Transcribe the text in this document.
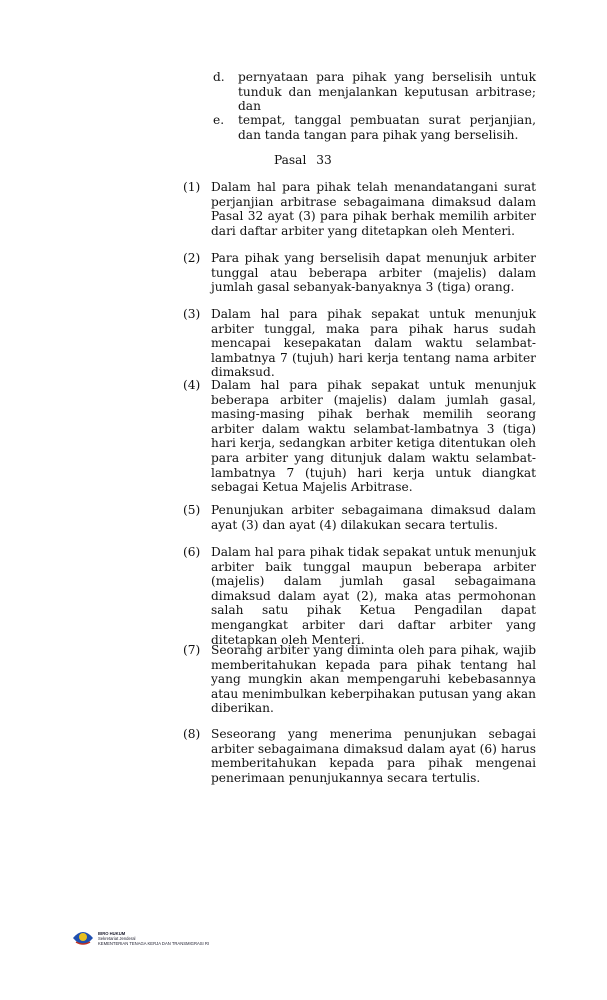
d. pernyataan para pihak yang berselisih untuk tunduk dan menjalankan keputusan arbitrase; dan
e. tempat, tanggal pembuatan surat perjanjian, dan tanda tangan para pihak yang berselisih.
Pasal 33
(1) Dalam hal para pihak telah menandatangani surat perjanjian arbitrase sebagaimana dimaksud dalam Pasal 32 ayat (3) para pihak berhak memilih arbiter dari daftar arbiter yang ditetapkan oleh Menteri.
(2) Para pihak yang berselisih dapat menunjuk arbiter tunggal atau beberapa arbiter (majelis) dalam jumlah gasal sebanyak-banyaknya 3 (tiga) orang.
(3) Dalam hal para pihak sepakat untuk menunjuk arbiter tunggal, maka para pihak harus sudah mencapai kesepakatan dalam waktu selambat-lambatnya 7 (tujuh) hari kerja tentang nama arbiter dimaksud.
(4) Dalam hal para pihak sepakat untuk menunjuk beberapa arbiter (majelis) dalam jumlah gasal, masing-masing pihak berhak memilih seorang arbiter dalam waktu selambat-lambatnya 3 (tiga) hari kerja, sedangkan arbiter ketiga ditentukan oleh para arbiter yang ditunjuk dalam waktu selambat-lambatnya 7 (tujuh) hari kerja untuk diangkat sebagai Ketua Majelis Arbitrase.
(5) Penunjukan arbiter sebagaimana dimaksud dalam ayat (3) dan ayat (4) dilakukan secara tertulis.
(6) Dalam hal para pihak tidak sepakat untuk menunjuk arbiter baik tunggal maupun beberapa arbiter (majelis) dalam jumlah gasal sebagaimana dimaksud dalam ayat (2), maka atas permohonan salah satu pihak Ketua Pengadilan dapat mengangkat arbiter dari daftar arbiter yang ditetapkan oleh Menteri.
(7) Seorang arbiter yang diminta oleh para pihak, wajib memberitahukan kepada para pihak tentang hal yang mungkin akan mempengaruhi kebebasannya atau menimbulkan keberpihakan putusan yang akan diberikan.
(8) Seseorang yang menerima penunjukan sebagai arbiter sebagaimana dimaksud dalam ayat (6) harus memberitahukan kepada para pihak mengenai penerimaan penunjukannya secara tertulis.
BIRO HUKUM
Sekretariat Jenderal
KEMENTERIAN TENAGA KERJA DAN TRANSMIGRASI RI
